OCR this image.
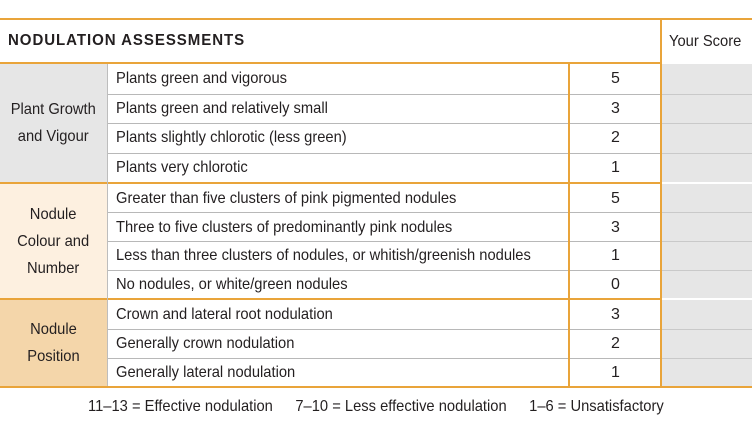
NODULATION ASSESSMENTS	Your Score
Plant Growth
and Vigour
Plants green and vigorous	5
Plants green and relatively small	3
Plants slightly chlorotic (less green)	2
Plants very chlorotic	1
Nodule
Colour and
Number
Greater than five clusters of pink pigmented nodules	5
Three to five clusters of predominantly pink nodules	3
Less than three clusters of nodules, or whitish/greenish nodules	1
No nodules, or white/green nodules	0
Nodule
Position
Crown and lateral root nodulation	3
Generally crown nodulation	2
Generally lateral nodulation	1
11–13 = Effective nodulation 7–10 = Less effective nodulation 1–6 = Unsatisfactory
